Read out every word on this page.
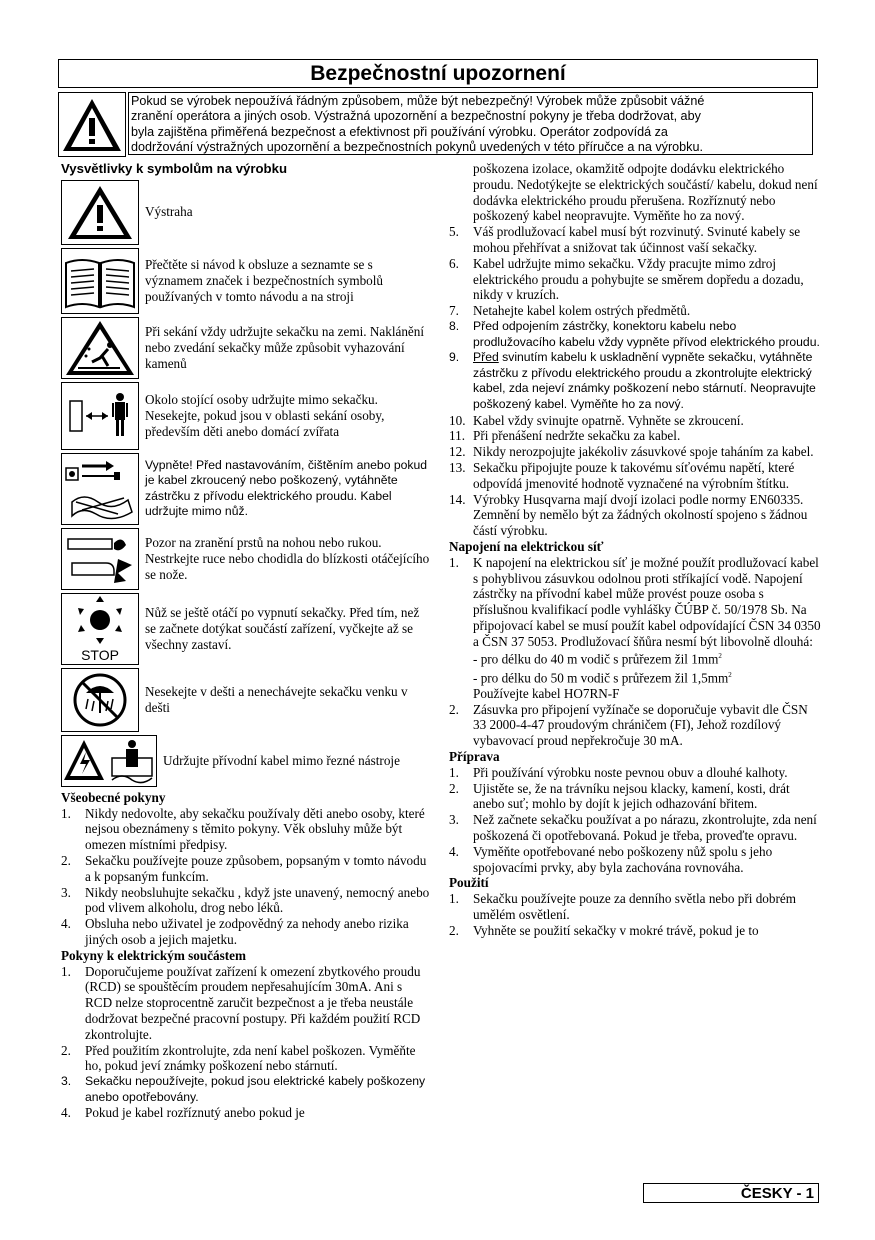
Bezpečnostní upozornení
Pokud se výrobek nepoužívá řádným způsobem, může být nebezpečný! Výrobek může způsobit vážné
zranění operátora a jiných osob. Výstražná upozornění a bezpečnostní pokyny je třeba dodržovat, aby
byla zajištěna přiměřená bezpečnost a efektivnost při používání výrobku. Operátor zodpovídá za
dodržování výstražných upozornění a bezpečnostních pokynů uvedených v této příručce a na výrobku.
Vysvětlivky k symbolům na výrobku
Výstraha
Přečtěte si návod k obsluze a seznamte se s významem značek i bezpečnostních symbolů používaných v tomto návodu a na stroji
Při sekání vždy udržujte sekačku na zemi. Naklánění nebo zvedání sekačky může způsobit vyhazování kamenů
Okolo stojící osoby udržujte mimo sekačku. Nesekejte, pokud jsou v oblasti sekání osoby, především děti anebo domácí zvířata
Vypněte! Před nastavováním, čištěním anebo pokud je kabel zkroucený nebo poškozený, vytáhněte zástrčku z přívodu elektrického proudu. Kabel udržujte mimo nůž.
Pozor na zranění prstů na nohou nebo rukou. Nestrkejte ruce nebo chodidla do blízkosti otáčejícího se nože.
STOP
Nůž se ještě otáčí po vypnutí sekačky. Před tím, než se začnete dotýkat součástí zařízení, vyčkejte až se všechny zastaví.
Nesekejte v dešti a nenechávejte sekačku venku v dešti
Udržujte přívodní kabel mimo řezné nástroje
Všeobecné pokyny
1. Nikdy nedovolte, aby sekačku používaly děti anebo osoby, které nejsou obeznámeny s těmito pokyny. Věk obsluhy může být omezen místními předpisy.
2. Sekačku používejte pouze způsobem, popsaným v tomto návodu a k popsaným funkcím.
3. Nikdy neobsluhujte sekačku , když jste unavený, nemocný anebo pod vlivem alkoholu, drog nebo léků.
4. Obsluha nebo uživatel je zodpovědný za nehody anebo rizika jiných osob a jejich majetku.
Pokyny k elektrickým součástem
1. Doporučujeme používat zařízení k omezení zbytkového proudu (RCD) se spouštěcím proudem nepřesahujícím 30mA. Ani s RCD nelze stoprocentně zaručit bezpečnost a je třeba neustále dodržovat bezpečné pracovní postupy. Při každém použití RCD zkontrolujte.
2. Před použitím zkontrolujte, zda není kabel poškozen. Vyměňte ho, pokud jeví známky poškození nebo stárnutí.
3. Sekačku nepoužívejte, pokud jsou elektrické kabely poškozeny anebo opotřebovány.
4. Pokud je kabel rozříznutý anebo pokud je
poškozena izolace, okamžitě odpojte dodávku elektrického proudu. Nedotýkejte se elektrických součástí/ kabelu, dokud není dodávka elektrického proudu přerušena. Rozříznutý nebo poškozený kabel neopravujte. Vyměňte ho za nový.
5. Váš prodlužovací kabel musí být rozvinutý. Svinuté kabely se mohou přehřívat a snižovat tak účinnost vaší sekačky.
6. Kabel udržujte mimo sekačku. Vždy pracujte mimo zdroj elektrického proudu a pohybujte se směrem dopředu a dozadu, nikdy v kruzích.
7. Netahejte kabel kolem ostrých předmětů.
8. Před odpojením zástrčky, konektoru kabelu nebo prodlužovacího kabelu vždy vypněte přívod elektrického proudu.
9. Před svinutím kabelu k uskladnění vypněte sekačku, vytáhněte zástrčku z přívodu elektrického proudu a zkontrolujte elektrický kabel, zda nejeví známky poškození nebo stárnutí. Neopravujte poškozený kabel. Vyměňte ho za nový.
10. Kabel vždy svinujte opatrně. Vyhněte se zkroucení.
11. Při přenášení nedržte sekačku za kabel.
12. Nikdy nerozpojujte jakékoliv zásuvkové spoje taháním za kabel.
13. Sekačku připojujte pouze k takovému síťovému napětí, které odpovídá jmenovité hodnotě vyznačené na výrobním štítku.
14. Výrobky Husqvarna mají dvojí izolaci podle normy EN60335. Zemnění by nemělo být za žádných okolností spojeno s žádnou částí výrobku.
Napojení na elektrickou síť
1. K napojení na elektrickou síť je možné použít prodlužovací kabel s pohyblivou zásuvkou odolnou proti stříkající vodě. Napojení zástrčky na přívodní kabel může provést pouze osoba s příslušnou kvalifikací podle vyhlášky ČÚBP č. 50/1978 Sb. Na připojovací kabel se musí použít kabel odpovídající ČSN 34 0350 a ČSN 37 5053. Prodlužovací šňůra nesmí být libovolně dlouhá:
- pro délku do 40 m vodič s průřezem žil $1mm^2$
- pro délku do 50 m vodič s průřezem žil $1,5mm^2$
Používejte kabel HO7RN-F
2. Zásuvka pro připojení vyžínače se doporučuje vybavit dle ČSN 33 2000-4-47 proudovým chráničem (FI), Jehož rozdílový vybavovací proud nepřekročuje 30 mA.
Příprava
1. Při používání výrobku noste pevnou obuv a dlouhé kalhoty.
2. Ujistěte se, že na trávníku nejsou klacky, kamení, kosti, drát anebo suť; mohlo by dojít k jejich odhazování břitem.
3. Než začnete sekačku používat a po nárazu, zkontrolujte, zda není poškozená či opotřebovaná. Pokud je třeba, proveďte opravu.
4. Vyměňte opotřebované nebo poškozeny nůž spolu s jeho spojovacími prvky, aby byla zachována rovnováha.
Použití
1. Sekačku používejte pouze za denního světla nebo při dobrém umělém osvětlení.
2. Vyhněte se použití sekačky v mokré trávě, pokud je to
ČESKY - 1
